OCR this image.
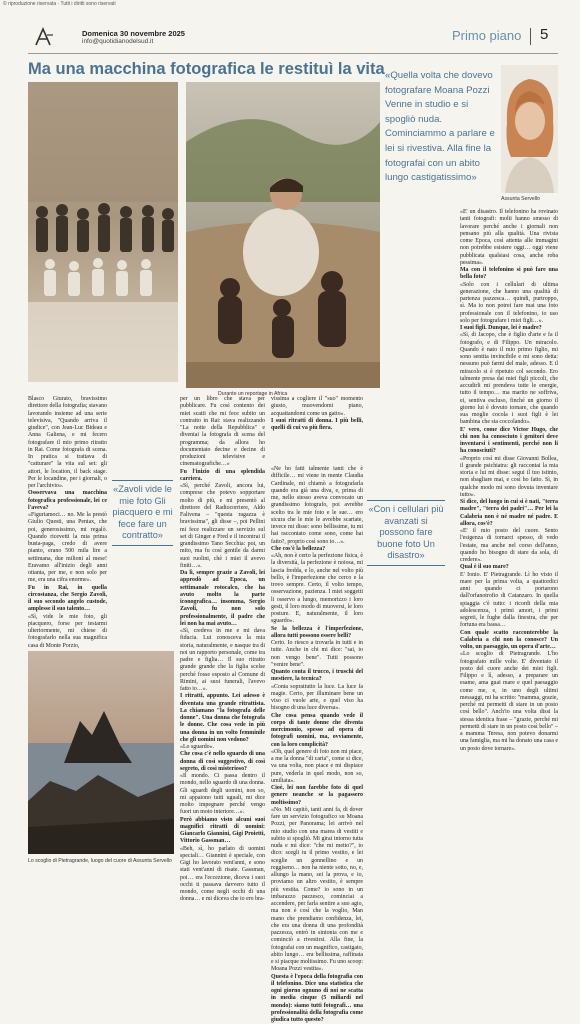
© riproduzione riservata · Tutti i diritti sono riservati
Domenica 30 novembre 2025
info@quotidianodelsud.it	Primo piano 5
Ma una macchina fotografica le restituì la vita
Durante un reportage in Africa
«Quella volta che dovevo fotografare Moana Pozzi Venne in studio e si spogliò nuda. Cominciammo a parlare e lei si rivestiva. Alla fine la fotografai con un abito lungo castigatissimo»
Assunta Servello

Blasco Giurato, bravissimo direttore della fotografia; stavano lavorando insieme ad una serie televisiva, "Quando arriva il giudice", con Jean-Luc Bideau e Anna Galiena, e mi fecero fotografare il mio primo ritratto in Rai. Come fotografa di scena. In pratica si trattava di "catturare" la vita sul set: gli attori, le location, il back stage. Per le locandine, per i giornali, o per l'archivio».

Ossservava una macchina fotografica professionale, lei ce l'aveva?

«Figuriamoci… no. Me la prestò Giulio Questi, una Pentax, che poi, generosissimo, mi regalò. Quando ricevetti la mia prima busta-paga, credo di avere pianto, erano 500 mila lire a settimana, due milioni al mese! Eravamo all'inizio degli anni ottanta, per me, e non solo per me, era una cifra enorme».

Fu in Rai, in quella circostanza, che Sergio Zavoli, il suo secondo angelo custode, amplesse il suo talento…

«Sì, vide le mie foto, gli piacquero, forse per testarmi ulteriormente, mi chiese di fotografarlo nella sua magnifica casa di Monte Porzio,

«Zavoli vide le mie foto Gli piacquero e mi fece fare un contratto»

per un libro che stava per pubblicare. Fu così contento dei miei scatti che mi fece subito un contratto in Rai: stava realizzando "La notte della Repubblica" e diventai la fotografa di scena del programma; da allora ho documentato decine e decine di produzioni televisive e cinematografiche…»

Fu l'inizio di una splendida carriera.

«Sì, perché Zavoli, ancora lui, comprese che potevo sopportare molto di più, e mi presentò al direttore del Radiocorriere, Aldo Falivena – "questa ragazza è bravissima", gli disse –, poi Pellini mi fece realizzare un servizio sul set di Ginger e Fred e il incontrai il grandissimo Tano Secchia: poi, un mito, ma fu così gentile da darmi suoi ruolini, chè i miei il avevo finiti…».

Da lì, sempre grazie a Zavoli, lei approdò ad Epoca, un settimanale rotocalco, che ha avuto molto la parte iconografica… insomma, Sergio Zavoli, fu non solo professionalmente, il padre che lei non ha mai avuto…

«Sì, credeva in me e mi dava fiducia. Lui conosceva la mia storia, naturalmente, e nasque tra di noi un rapporto personale, come tra padre e figlia… Il suo ritratto grande grande che la figlia scelse perché fosse esposto al Comune di Rimini, ai suoi funerali, l'avevo fatto io…».

I ritratti, appunto. Lei adesso è diventata una grande ritrattista. La chiamano "la fotografa delle donne". Una donna che fotografa le donne. Che cosa vede in più una donna in un volto femminile che gli uomini non vedono?

«Lo sguardo».

Che cosa c'è nello sguardo di una donna di così suggestivo, di così segreto, di così misterioso?

«Il mondo. Ci passa dentro il mondo, nello sguardo di una donna. Gli sguardi degli uomini, non so, mi appaiono tutti uguali, mi dice molto impegnare perché vengo fuori un moto interiore…».

Però abbiamo visto alcuni suoi magnifici ritratti di uomini: Giancarlo Giannini, Gigi Proietti, Vittorio Gassman…

«Beh, sì, ho parlato di uomini speciali… Giannini è speciale, con Gigi ho lavorato vent'anni, e sono stati vent'anni di risate. Gassman, poi… era l'eccezione, diceva i suoi occhi ti passava davvero tutto il mondo, come negli occhi di una donna… e mi diceva che io ero bra-

vissima a cogliere il "suo" momento giusto, muovendomi piano, acquattandomi come un gatto».

I suoi ritratti di donna. I più belli, quelli di cui va più fiera.

«Ne ho fatti talmente tanti che è difficile… mi viene in mente Claudia Cardinale, mi chiamò a fotografarla quando era già una diva, e, prima di me, nello stesso aveva convocato un grandissimo fotografo, poi avrebbe scelto tra le mie foto e le sue… ero sicura che le mie le avrebbe scartate, invece mi disse: sono bellissime, tu mi hai raccontato come sono, come hai fatto?, proprio così sono io…».

Che cos'è la bellezza?

«Ah, non è certo la perfezione fisica, è la diversità, la perfezione è noiosa, mi lascia fredda, e lo, anche nel volto più bello, è l'imperfezione che cerco e la trovo sempre. Certo, il volto tempo, osservazione, pazienza. I miei soggetti li osservo a lungo, memorizzo i loro gesti, il loro modo di muoversi, le loro posture. E, naturalmente, il loro sguardo».

Se la bellezza è l'imperfezione, allora tutti possono essere belli?

Certo. Io riesco a trovarla in tutti e in tutte. Anche in chi mi dice: "sai, io non vengo bene". Tutti possono "venire bene".

Quanto conta il trucco, i truschi del mestiere, la tecnica?

«Conta soprattutto la luce. La luce fa magie. Certo, per illuminare bene un viso ci vuole arte, e quel viso ha bisogno di una luce diversa».

Che cosa pensa quando vede il corpo di tante donne che diventa mercimonio, spesso ad opera di fotografi uomini, ma, ovviamente, con la loro complicità?

«Oh, quel genere di foto non mi piace, a me la donna "di carta", come si dice, va una volta, non piace e mi dispiace pure, vederla in quel modo, non so, umiliata».

Cioè, lei non farebbe foto di quel genere neanche se la pagassero moltissimo?

«No. Mi capitò, tanti anni fa, di dover fare un servizio fotografico su Moana Pozzi, per Panorama; lei arrivò nel mio studio con una marea di vestiti e subito si spogliò. Mi girai intorno tutta nuda e mi dice: "che mi metto?", io dico: scegli tu il primo vestito, e lei sceglie un gonnellino e un reggiseno… non ha niente sotto, no, e, allungo la mano, sei la prova, e io, proviamo un altro vestito, è sempre più vestita. Come? io sono in un imbarazzo pazzesco, cominciai a accendere, per farla sentire a suo agio, ma non è così che la voglio, Man mano che prendiamo confidenza, lei, che era una donna di una profondità pazzesca, entrò in sintonia con me e cominciò a rivestirsi. Alla fine, la fotografai con un magnifico, castigato, abito lungo… era bellissima, raffinata e si piacque moltissimo. Fu uno scoop: Moana Pozzi vestita».

Questa è l'epoca della fotografia con il telefonino. Dice una statistica che ogni giorno ognuno di noi ne scatta in media cinque (5 miliardi nel mondo): siamo tutti fotografi… una professionalità della fotografia come giudica tutto questo?

«Con i cellulari più avanzati si possono fare buone foto Un disastro»

«E' un disastro. Il telefonino ha rovinato tanti fotografi: molti hanno smesso di lavorare perché anche i giornali non pensano più alla qualità. Una rivista come Epoca, così attenta alle immagini non potrebbe esistere oggi… oggi viene pubblicata qualsiasi cosa, anche roba pessima».

Ma con il telefonino si può fare una bella foto?

«Solo con i cellulari di ultima generazione, che hanno una qualità di partenza pazzesca… quindi, purtroppo, sì. Ma io non potrei fare mai una foto professionale con il telefonino, io uso solo per fotografare i miei figli…».

I suoi figli. Dunque, lei è madre?

«Sì, di Jacopo, che è figlio d'arte e fa il fotografo, e di Filippo. Un miracolo. Quando è nato il mio primo figlio, mi sono sentita invincibile e mi sono detta: nessuno può farmi del male, adesso. E il miracolo si è ripetuto col secondo. Ero talmente presa dai miei figli piccoli, che accudirli mi prendeva tutte le energie, tutto il tempo… ma marito ne soffriva, ei, sentiva escluso, finché un giorno il giorno lui è dovuto tornare, che quando sua moglie cocola i suoi figli è lei bambina che sta coccolando».

E' vero, come dice Victor Hugo, che chi non ha conosciuto i genitori deve inventarsi i sentimenti, perché non li ha conosciuti?

«Proprio così mi disse Giovanni Bollea, il grande psichiatra: gli raccontai la mia storia e lui mi disse: segui il tuo istinto, non sbagliare mai, e così ho fatto. Sì, in qualche modo mi sono dovuta inventare tutto».

Si dice, del luogo in cui si è nati, "terra madre", "terra dei padri"… Per lei la Calabria non è né madre né padre. E allora, cos'è?

«E' il mio posto del cuore. Sento l'esigenza di tornarci spesso, di vedo l'estate, ma anche nel corso dell'anno, quando ho bisogno di stare da sola, di credere».

Qual è il suo mare?

E' Ionio. E' Pietragrande. Lì ho visto il mare per la prima volta, a quattordici anni quando ci portarono dall'orfanotrofio di Catanzaro. In quella spiaggia c'è tutto: i ricordi della mia adolescenza, i primi amori, i primi segreti, le fughe dalla finestra, che per fortuna era bassa…

Con quale scatto racconterebbe la Calabria a chi non la conosce? Un volto, un paesaggio, un opera d'arte…

«Lo scoglio di Pietragrande. L'ho fotografato mille volte. E' diventato il posto del cuore anche dei miei figli. Filippo e lì, adesso, a preparare un esame, ama guai mare e quel paesaggio come me, e, in uno degli ultimi messaggi, mi ha scritto: "mamma, grazie, perché mi permetti di stare in un posto così bello". Anch'io una volta dissi la stessa identica frase – "grazie, perché mi permetti di stare in un posto così bello" – a mamma Teresa, non potevo donarmi una famiglia, ma mi ha donato una casa e un posto dove tornare».

Lo scoglio di Pietragrande, luogo del cuore di Assunta Servello
